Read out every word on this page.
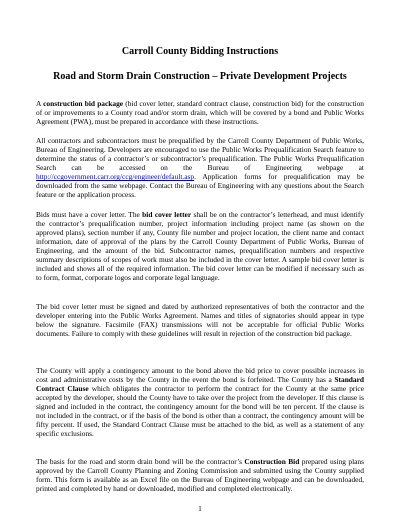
Carroll County Bidding Instructions
Road and Storm Drain Construction – Private Development Projects

A construction bid package (bid cover letter, standard contract clause, construction bid) for the construction of or improvements to a County road and/or storm drain, which will be covered by a bond and Public Works Agreement (PWA), must be prepared in accordance with these instructions.

All contractors and subcontractors must be prequalified by the Carroll County Department of Public Works, Bureau of Engineering. Developers are encouraged to use the Public Works Prequalification Search feature to determine the status of a contractor’s or subcontractor’s prequalification. The Public Works Prequalification Search can be accessed on the Bureau of Engineering webpage at http://ccgovernment.carr.org/ccg/engineer/default.asp. Application forms for prequalification may be downloaded from the same webpage. Contact the Bureau of Engineering with any questions about the Search feature or the application process.

Bids must have a cover letter. The bid cover letter shall be on the contractor’s letterhead, and must identify the contractor’s prequalification number, project information including project name (as shown on the approved plans), section number if any, County file number and project location, the client name and contact information, date of approval of the plans by the Carroll County Department of Public Works, Bureau of Engineering, and the amount of the bid. Subcontractor names, prequalification numbers and respective summary descriptions of scopes of work must also be included in the cover letter. A sample bid cover letter is included and shows all of the required information. The bid cover letter can be modified if necessary such as to form, format, corporate logos and corporate legal language.

The bid cover letter must be signed and dated by authorized representatives of both the contractor and the developer entering into the Public Works Agreement. Names and titles of signatories should appear in type below the signature. Facsimile (FAX) transmissions will not be acceptable for official Public Works documents. Failure to comply with these guidelines will result in rejection of the construction bid package.

The County will apply a contingency amount to the bond above the bid price to cover possible increases in cost and administrative costs by the County in the event the bond is forfeited. The County has a Standard Contract Clause which obligates the contractor to perform the contract for the County at the same price accepted by the developer, should the County have to take over the project from the developer. If this clause is signed and included in the contract, the contingency amount for the bond will be ten percent. If the clause is not included in the contract, or if the basis of the bond is other than a contract, the contingency amount will be fifty percent. If used, the Standard Contract Clause must be attached to the bid, as well as a statement of any specific exclusions.

The basis for the road and storm drain bond will be the contractor’s Construction Bid prepared using plans approved by the Carroll County Planning and Zoning Commission and submitted using the County supplied form. This form is available as an Excel file on the Bureau of Engineering webpage and can be downloaded, printed and completed by hand or downloaded, modified and completed electronically.

1
